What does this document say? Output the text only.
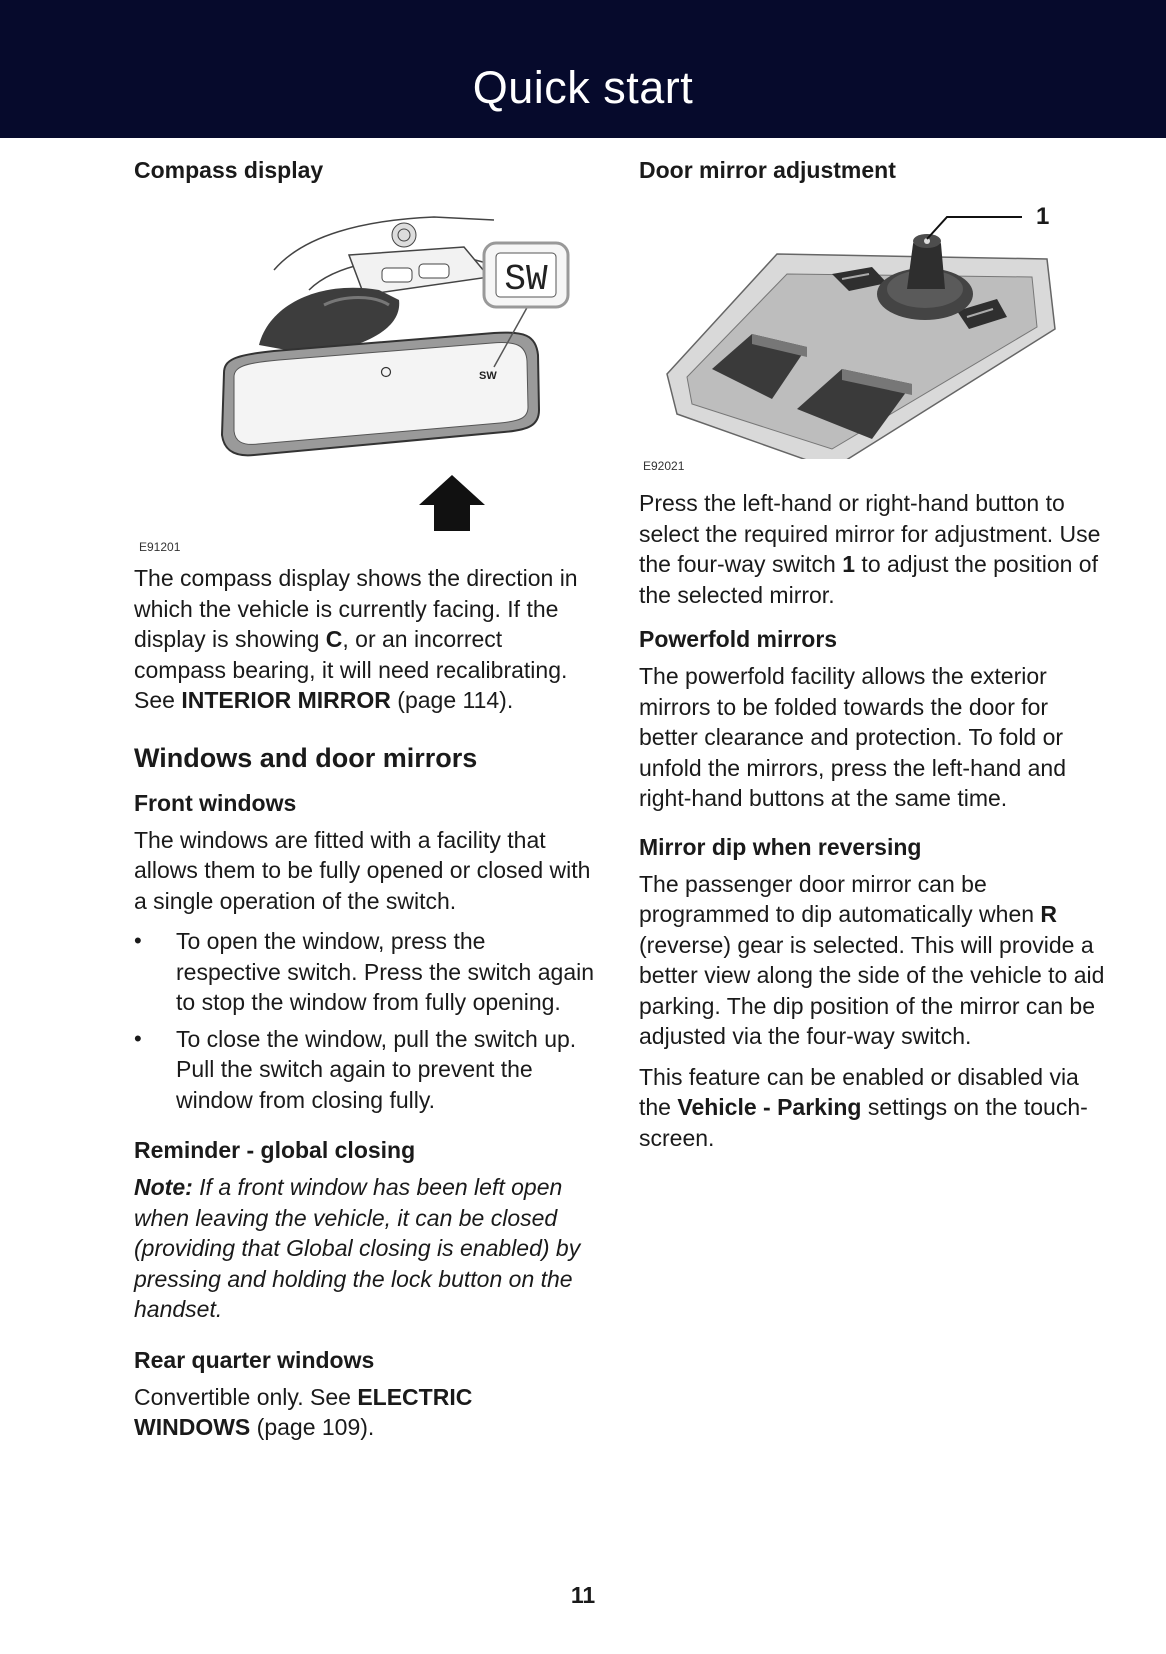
Quick start
Compass display
SW
SW
E91201

The compass display shows the direction in which the vehicle is currently facing. If the display is showing C, or an incorrect compass bearing, it will need recalibrating. See INTERIOR MIRROR (page 114).

Windows and door mirrors
Front windows

The windows are fitted with a facility that allows them to be fully opened or closed with a single operation of the switch.

• To open the window, press the respective switch. Press the switch again to stop the window from fully opening.
• To close the window, pull the switch up. Pull the switch again to prevent the window from closing fully.
Reminder - global closing

Note: If a front window has been left open when leaving the vehicle, it can be closed (providing that Global closing is enabled) by pressing and holding the lock button on the handset.

Rear quarter windows

Convertible only. See ELECTRIC WINDOWS (page 109).

Door mirror adjustment
1
E92021

Press the left-hand or right-hand button to select the required mirror for adjustment. Use the four-way switch 1 to adjust the position of the selected mirror.

Powerfold mirrors

The powerfold facility allows the exterior mirrors to be folded towards the door for better clearance and protection. To fold or unfold the mirrors, press the left-hand and right-hand buttons at the same time.

Mirror dip when reversing

The passenger door mirror can be programmed to dip automatically when R (reverse) gear is selected. This will provide a better view along the side of the vehicle to aid parking. The dip position of the mirror can be adjusted via the four-way switch.

This feature can be enabled or disabled via the Vehicle - Parking settings on the touch-screen.

11
